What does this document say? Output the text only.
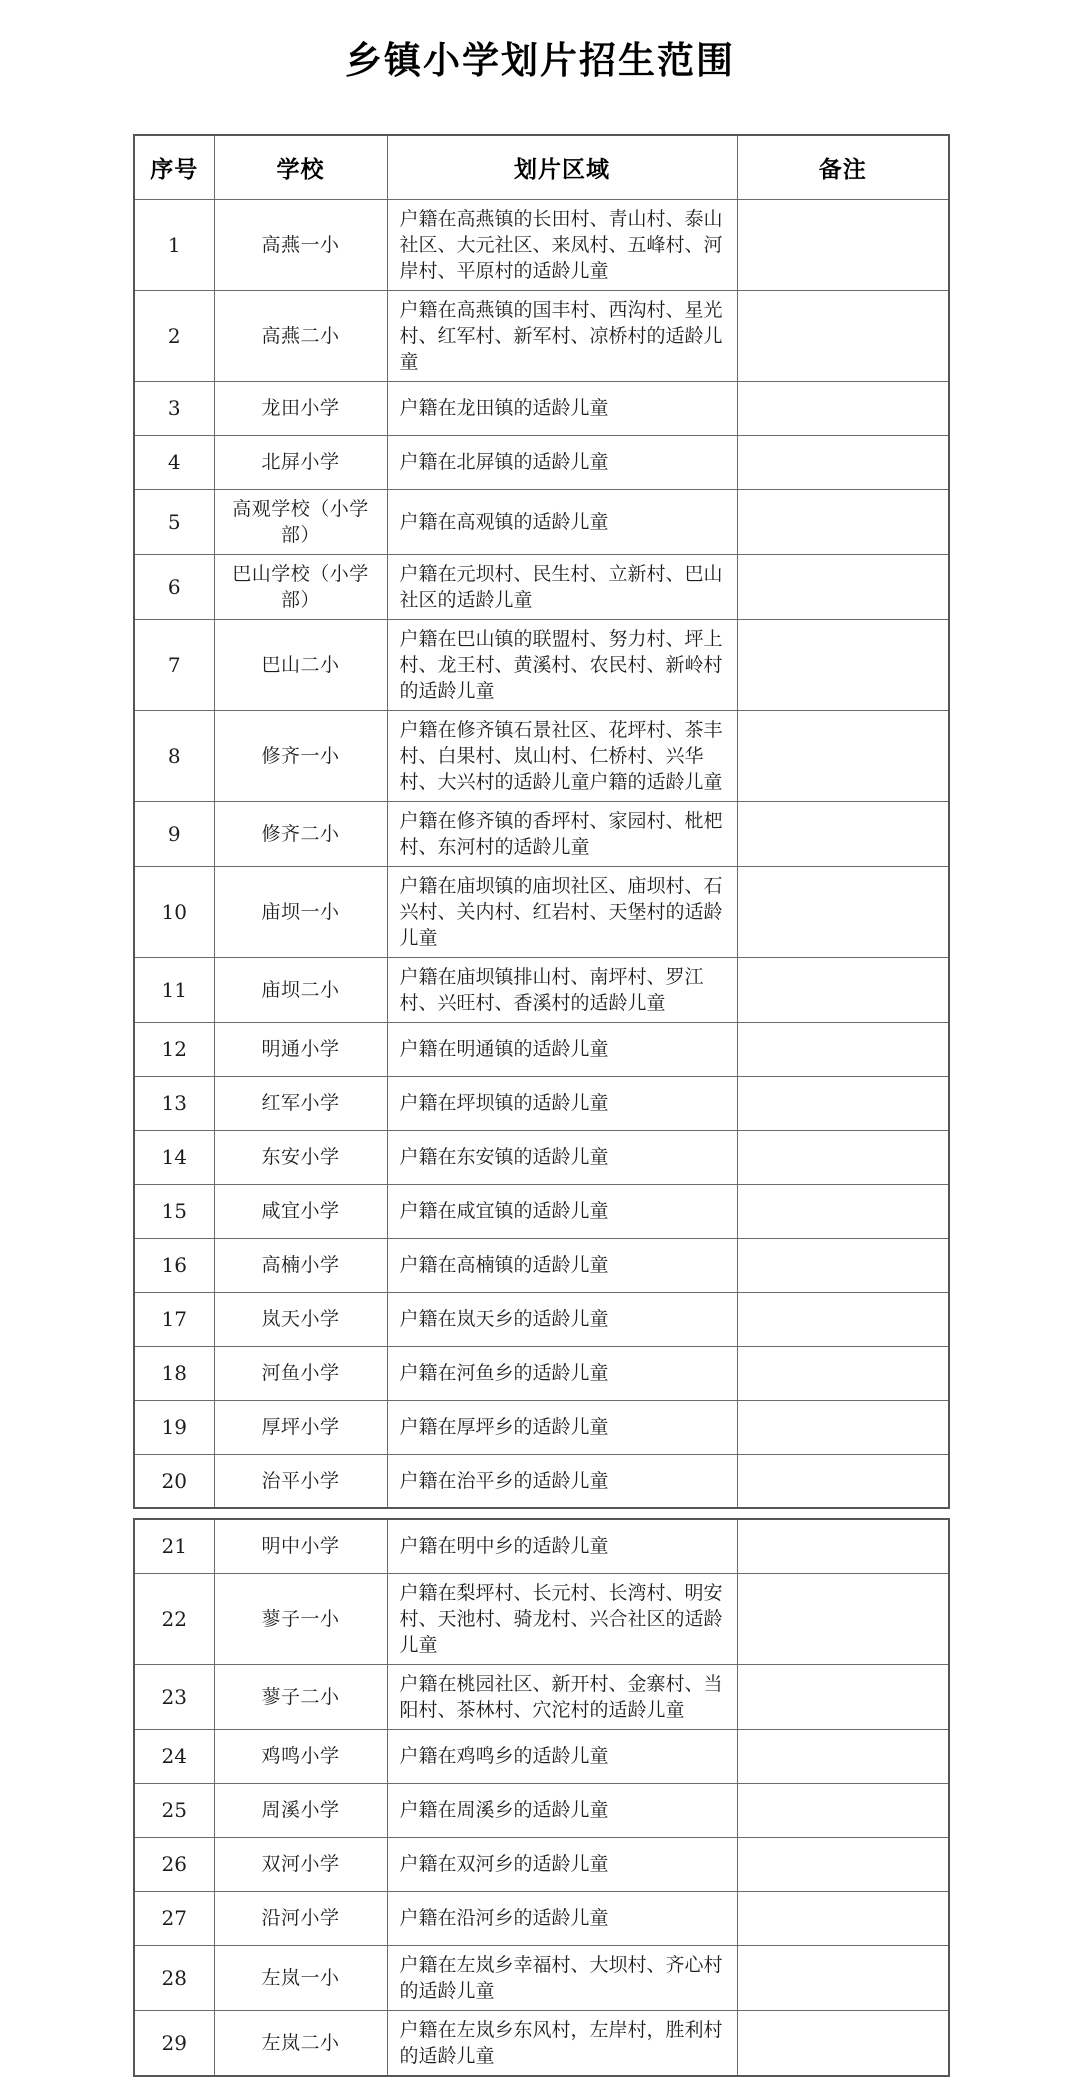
乡镇小学划片招生范围
序号	学校	划片区域	备注
1	高燕一小	户籍在高燕镇的长田村、青山村、泰山社区、大元社区、来凤村、五峰村、河岸村、平原村的适龄儿童	
2	高燕二小	户籍在高燕镇的国丰村、西沟村、星光村、红军村、新军村、凉桥村的适龄儿童	
3	龙田小学	户籍在龙田镇的适龄儿童	
4	北屏小学	户籍在北屏镇的适龄儿童	
5	高观学校（小学部）	户籍在高观镇的适龄儿童	
6	巴山学校（小学部）	户籍在元坝村、民生村、立新村、巴山社区的适龄儿童	
7	巴山二小	户籍在巴山镇的联盟村、努力村、坪上村、龙王村、黄溪村、农民村、新岭村的适龄儿童	
8	修齐一小	户籍在修齐镇石景社区、花坪村、茶丰村、白果村、岚山村、仁桥村、兴华村、大兴村的适龄儿童户籍的适龄儿童	
9	修齐二小	户籍在修齐镇的香坪村、家园村、枇杷村、东河村的适龄儿童	
10	庙坝一小	户籍在庙坝镇的庙坝社区、庙坝村、石兴村、关内村、红岩村、天堡村的适龄儿童	
11	庙坝二小	户籍在庙坝镇排山村、南坪村、罗江村、兴旺村、香溪村的适龄儿童	
12	明通小学	户籍在明通镇的适龄儿童	
13	红军小学	户籍在坪坝镇的适龄儿童	
14	东安小学	户籍在东安镇的适龄儿童	
15	咸宜小学	户籍在咸宜镇的适龄儿童	
16	高楠小学	户籍在高楠镇的适龄儿童	
17	岚天小学	户籍在岚天乡的适龄儿童	
18	河鱼小学	户籍在河鱼乡的适龄儿童	
19	厚坪小学	户籍在厚坪乡的适龄儿童	
20	治平小学	户籍在治平乡的适龄儿童	
21	明中小学	户籍在明中乡的适龄儿童	
22	蓼子一小	户籍在梨坪村、长元村、长湾村、明安村、天池村、骑龙村、兴合社区的适龄儿童	
23	蓼子二小	户籍在桃园社区、新开村、金寨村、当阳村、茶林村、穴沱村的适龄儿童	
24	鸡鸣小学	户籍在鸡鸣乡的适龄儿童	
25	周溪小学	户籍在周溪乡的适龄儿童	
26	双河小学	户籍在双河乡的适龄儿童	
27	沿河小学	户籍在沿河乡的适龄儿童	
28	左岚一小	户籍在左岚乡幸福村、大坝村、齐心村的适龄儿童	
29	左岚二小	户籍在左岚乡东风村，左岸村，胜利村的适龄儿童	
